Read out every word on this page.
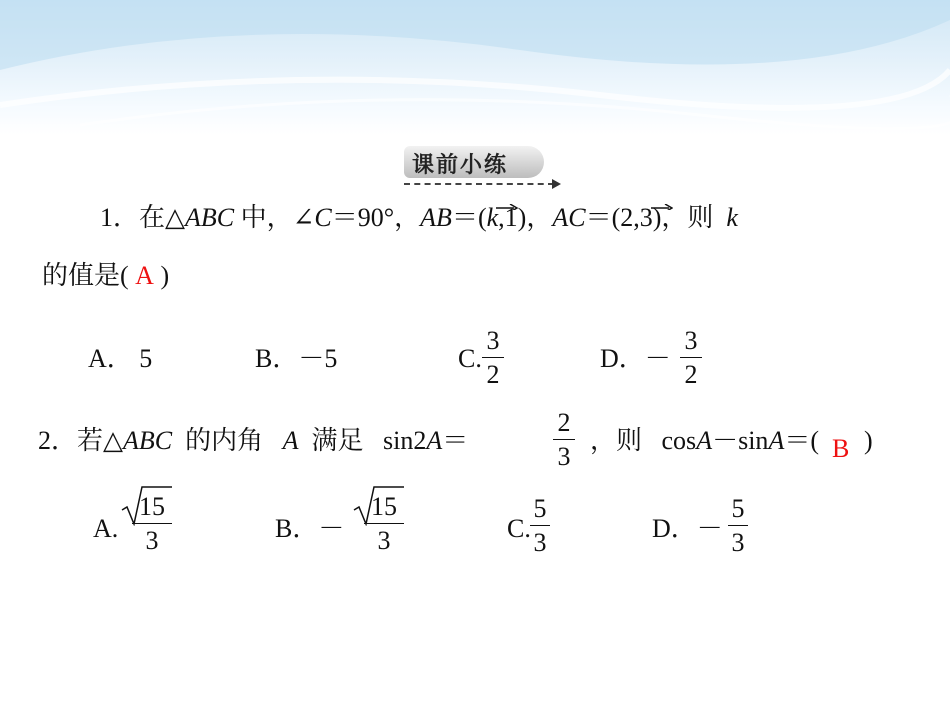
课前小练
1．在△ABC 中，∠C＝90°，AB＝(k,1)，AC＝(2,3)，则 k
的值是( A )
A． 5	B．－5	C. $\frac{3}{2}$	D．－ $\frac{3}{2}$
2．若△ABC 的内角 A 满足 sin2A＝	$\frac{2}{3}$ ，则 cosA－sinA＝( B )
A. $\frac{15}{3}$	B．－ $\frac{15}{3}$	C. $\frac{5}{3}$	D．－ $\frac{5}{3}$
